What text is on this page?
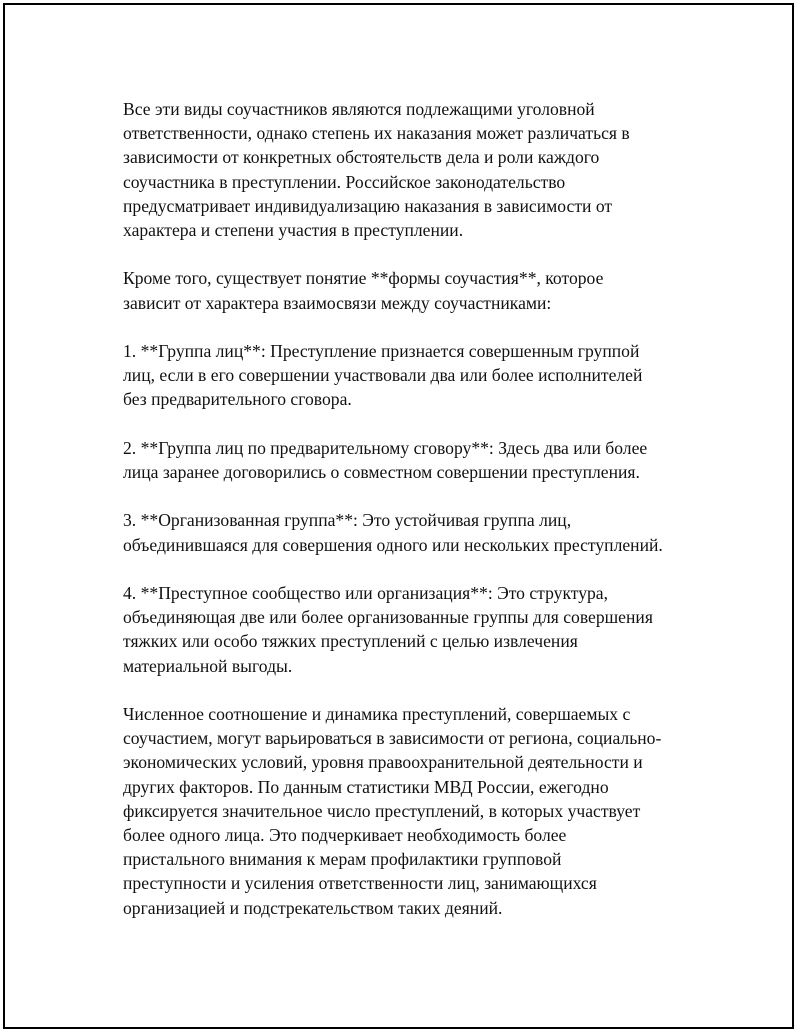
Все эти виды соучастников являются подлежащими уголовной
ответственности, однако степень их наказания может различаться в
зависимости от конкретных обстоятельств дела и роли каждого
соучастника в преступлении. Российское законодательство
предусматривает индивидуализацию наказания в зависимости от
характера и степени участия в преступлении.

Кроме того, существует понятие **формы соучастия**, которое
зависит от характера взаимосвязи между соучастниками:

1. **Группа лиц**: Преступление признается совершенным группой
лиц, если в его совершении участвовали два или более исполнителей
без предварительного сговора.

2. **Группа лиц по предварительному сговору**: Здесь два или более
лица заранее договорились о совместном совершении преступления.

3. **Организованная группа**: Это устойчивая группа лиц,
объединившаяся для совершения одного или нескольких преступлений.

4. **Преступное сообщество или организация**: Это структура,
объединяющая две или более организованные группы для совершения
тяжких или особо тяжких преступлений с целью извлечения
материальной выгоды.

Численное соотношение и динамика преступлений, совершаемых с
соучастием, могут варьироваться в зависимости от региона, социально-
экономических условий, уровня правоохранительной деятельности и
других факторов. По данным статистики МВД России, ежегодно
фиксируется значительное число преступлений, в которых участвует
более одного лица. Это подчеркивает необходимость более
пристального внимания к мерам профилактики групповой
преступности и усиления ответственности лиц, занимающихся
организацией и подстрекательством таких деяний.
